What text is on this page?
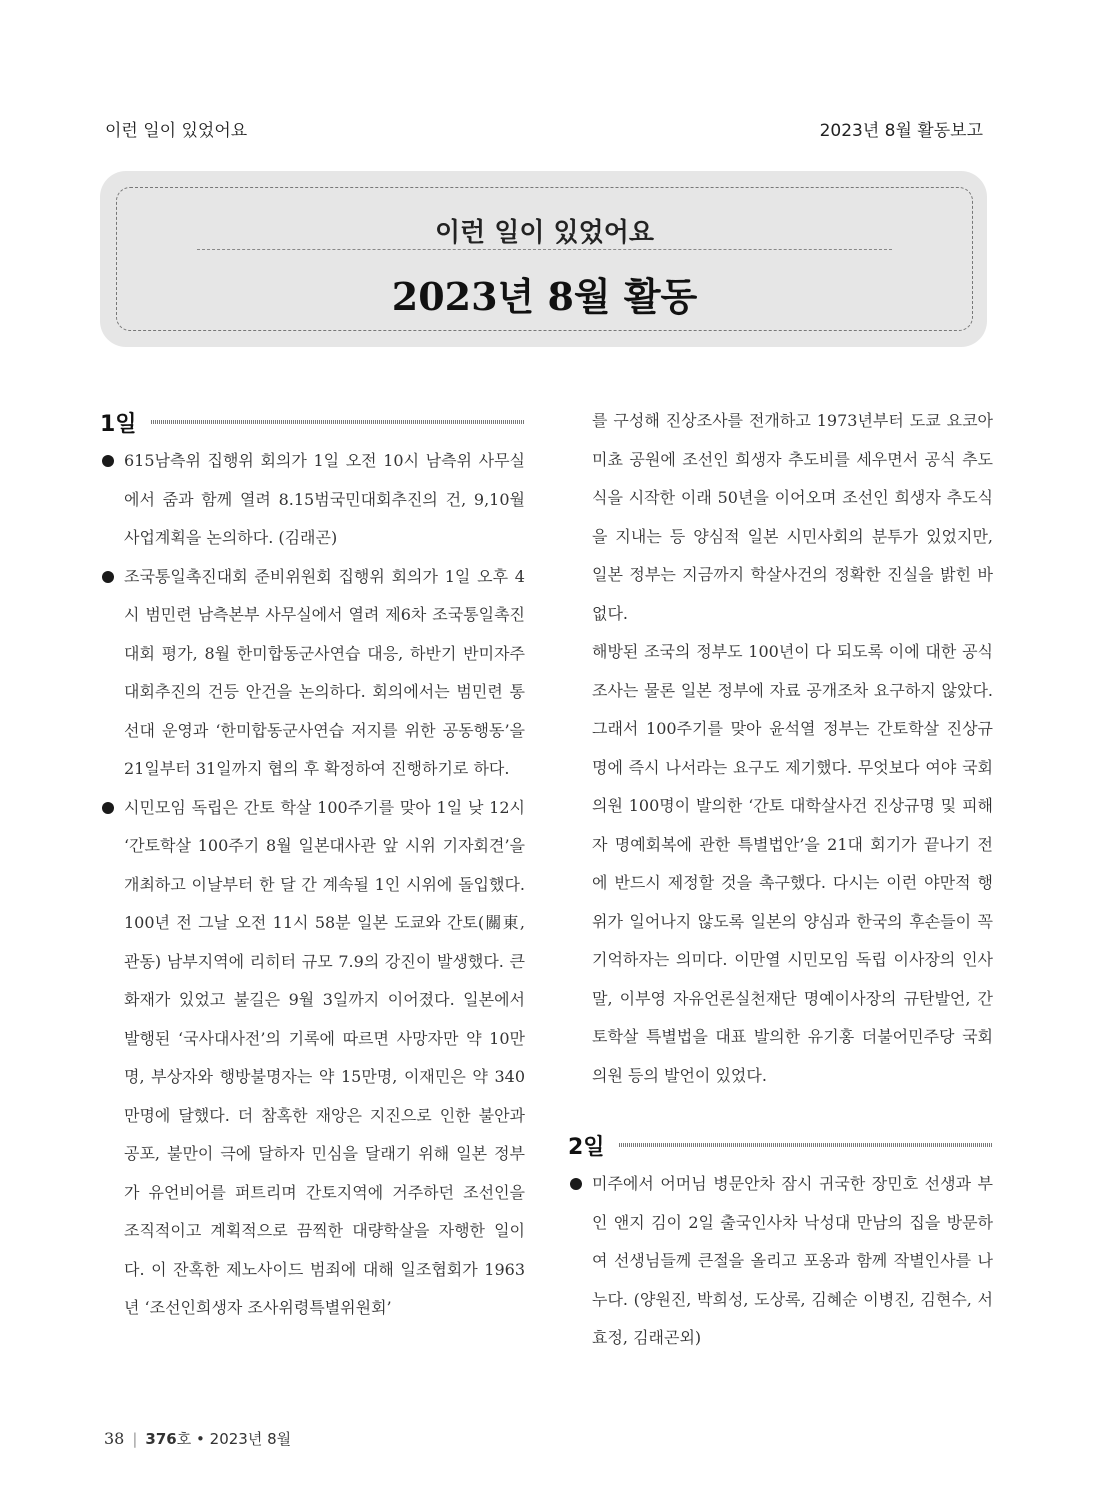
이런 일이 있었어요	2023년 8월 활동보고
이런 일이 있었어요
2023년 8월 활동
1일
615남측위 집행위 회의가 1일 오전 10시 남측위 사무실에서 줌과 함께 열려 8.15범국민대회추진의 건, 9,10월 사업계획을 논의하다. (김래곤)
조국통일촉진대회 준비위원회 집행위 회의가 1일 오후 4시 범민련 남측본부 사무실에서 열려 제6차 조국통일촉진대회 평가, 8월 한미합동군사연습 대응, 하반기 반미자주대회추진의 건등 안건을 논의하다. 회의에서는 범민련 통선대 운영과 ‘한미합동군사연습 저지를 위한 공동행동’을 21일부터 31일까지 협의 후 확정하여 진행하기로 하다.
시민모임 독립은 간토 학살 100주기를 맞아 1일 낮 12시 ‘간토학살 100주기 8월 일본대사관 앞 시위 기자회견’을 개최하고 이날부터 한 달 간 계속될 1인 시위에 돌입했다. 100년 전 그날 오전 11시 58분 일본 도쿄와 간토(關東, 관동) 남부지역에 리히터 규모 7.9의 강진이 발생했다. 큰 화재가 있었고 불길은 9월 3일까지 이어졌다. 일본에서 발행된 ‘국사대사전’의 기록에 따르면 사망자만 약 10만명, 부상자와 행방불명자는 약 15만명, 이재민은 약 340만명에 달했다. 더 참혹한 재앙은 지진으로 인한 불안과 공포, 불만이 극에 달하자 민심을 달래기 위해 일본 정부가 유언비어를 퍼트리며 간토지역에 거주하던 조선인을 조직적이고 계획적으로 끔찍한 대량학살을 자행한 일이다. 이 잔혹한 제노사이드 범죄에 대해 일조협회가 1963년 ‘조선인희생자 조사위령특별위원회’

를 구성해 진상조사를 전개하고 1973년부터 도쿄 요코아미쵸 공원에 조선인 희생자 추도비를 세우면서 공식 추도식을 시작한 이래 50년을 이어오며 조선인 희생자 추도식을 지내는 등 양심적 일본 시민사회의 분투가 있었지만, 일본 정부는 지금까지 학살사건의 정확한 진실을 밝힌 바 없다.

해방된 조국의 정부도 100년이 다 되도록 이에 대한 공식조사는 물론 일본 정부에 자료 공개조차 요구하지 않았다. 그래서 100주기를 맞아 윤석열 정부는 간토학살 진상규명에 즉시 나서라는 요구도 제기했다. 무엇보다 여야 국회의원 100명이 발의한 ‘간토 대학살사건 진상규명 및 피해자 명예회복에 관한 특별법안’을 21대 회기가 끝나기 전에 반드시 제정할 것을 촉구했다. 다시는 이런 야만적 행위가 일어나지 않도록 일본의 양심과 한국의 후손들이 꼭 기억하자는 의미다. 이만열 시민모임 독립 이사장의 인사말, 이부영 자유언론실천재단 명예이사장의 규탄발언, 간토학살 특별법을 대표 발의한 유기홍 더불어민주당 국회의원 등의 발언이 있었다.

2일
미주에서 어머님 병문안차 잠시 귀국한 장민호 선생과 부인 앤지 김이 2일 출국인사차 낙성대 만남의 집을 방문하여 선생님들께 큰절을 올리고 포옹과 함께 작별인사를 나누다. (양원진, 박희성, 도상록, 김혜순 이병진, 김현수, 서효정, 김래곤외)
38 | 376호 • 2023년 8월
